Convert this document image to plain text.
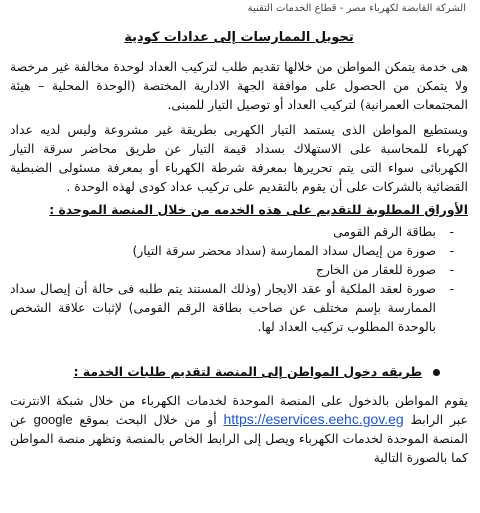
الشركة القابضة لكهرباء مصر - قطاع الخدمات التقنية
تحويل الممارسات إلى عدادات كودية

هى خدمة يتمكن المواطن من خلالها تقديم طلب لتركيب العداد لوحدة مخالفة غير مرخصة ولا يتمكن من الحصول على موافقة الجهة الادارية المختصة (الوحدة المحلية – هيئة المجتمعات العمرانية) لتركيب العداد أو توصيل التيار للمبنى.

ويستطيع المواطن الذى يستمد التيار الكهربى بطريقة غير مشروعة وليس لديه عداد كهرباء للمحاسبة على الاستهلاك بسداد قيمة التيار عن طريق محاضر سرقة التيار الكهربائى سواء التى يتم تحريرها بمعرفة شرطة الكهرباء أو بمعرفة مسئولى الضبطية القضائية بالشركات على أن يقوم بالتقديم على تركيب عداد كودى لهذه الوحدة .

الأوراق المطلوبة للتقديم على هذه الخدمه من خلال المنصة الموحدة :
-
بطاقة الرقم القومى
-
صورة من إيصال سداد الممارسة (سداد محضر سرقة التيار)
-
صورة للعقار من الخارج
-
صورة لعقد الملكية أو عقد الايجار (وذلك المستند يتم طلبه فى حالة أن إيصال سداد الممارسة بإسم مختلف عن صاحب بطاقة الرقم القومى) لإثبات علاقة الشخص بالوحدة المطلوب تركيب العداد لها.
طريقه دخول المواطن إلى المنصة لتقديم طلبات الخدمة :

يقوم المواطن بالدخول على المنصة الموحدة لخدمات الكهرباء من خلال شبكة الانترنت عبر الرابط https://eservices.eehc.gov.eg أو من خلال البحث بموقع google عن المنصة الموحدة لخدمات الكهرباء ويصل إلى الرابط الخاص بالمنصة وتظهر منصة المواطن كما بالصورة التالية
